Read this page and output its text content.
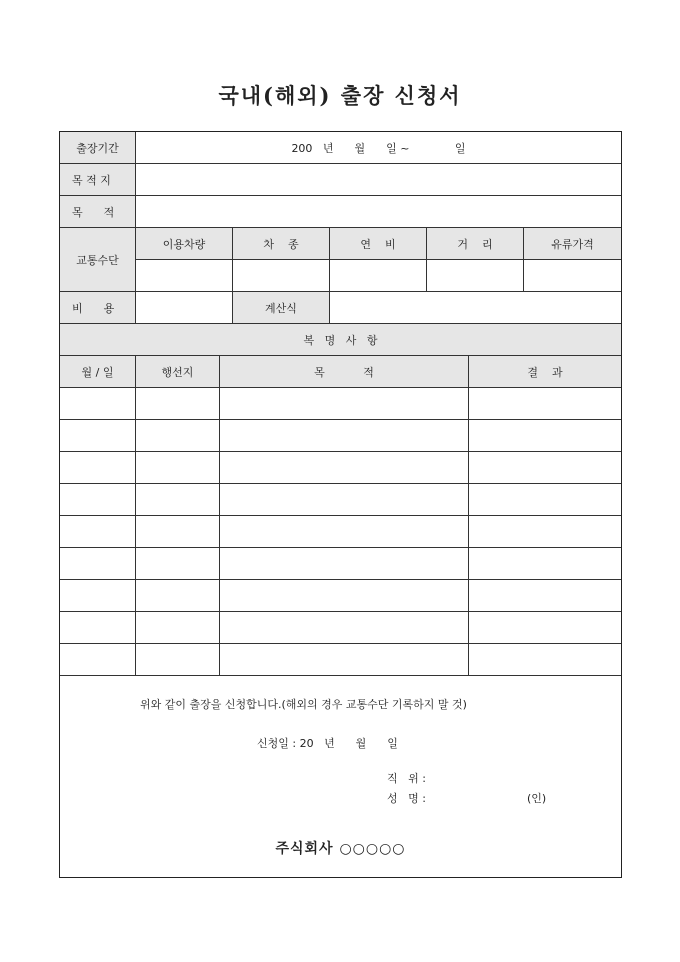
국내(해외) 출장 신청서
출장기간	200   년      월      일 ~             일
목 적 지
목      적
교통수단
이용차량	차    종	연    비	거    리	유류가격
비      용	계산식
복   명   사   항
월 / 일	행선지	목           적	결    과
위와 같이 출장을 신청합니다.(해외의 경우 교통수단 기록하지 말 것)
신청일 : 20   년      월      일
직   위 :
성   명 :	(인)
주식회사 ○○○○○
